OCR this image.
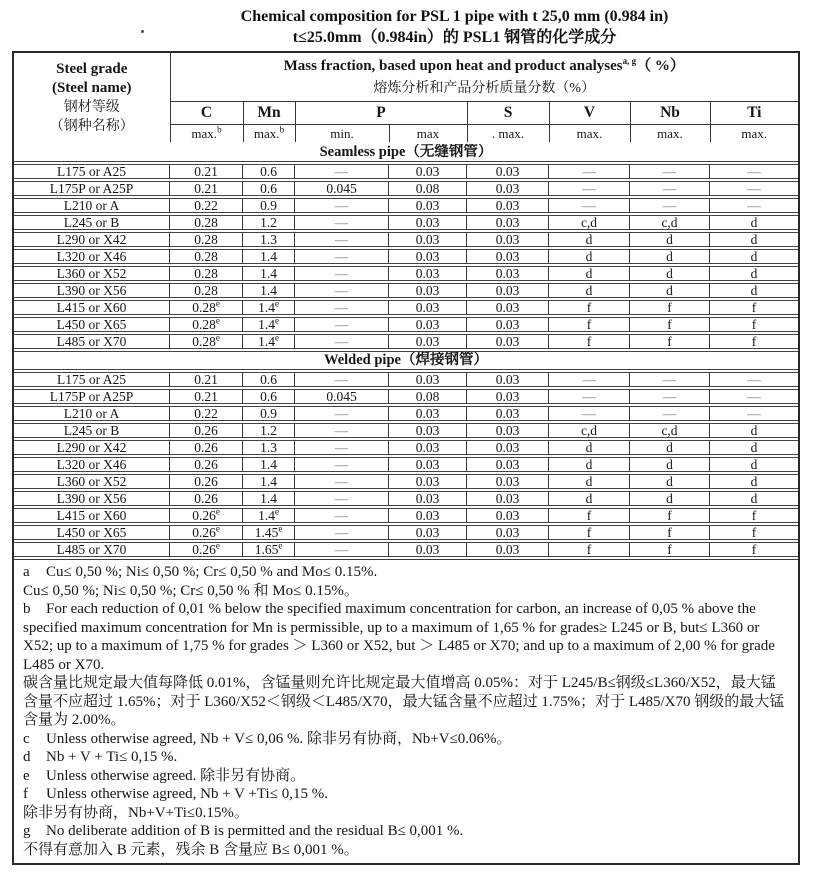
Chemical composition for PSL 1 pipe with t 25,0 mm (0.984 in)
t≤25.0mm（0.984in）的 PSL1 钢管的化学成分
Steel grade
(Steel name)
钢材等级
（钢种名称）

Mass fraction, based upon heat and product analyses$^{a, g}$（ %）
熔炼分析和产品分析质量分数（%）

	C	Mn	P		S	V	Nb	Ti
	max.$^b$	max.$^b$	min.	max	. max.	max.	max.	max.
Seamless pipe（无缝钢管）								
L175 or A25	0.21	0.6	—	0.03	0.03	—	—	—
L175P or A25P	0.21	0.6	0.045	0.08	0.03	—	—	—
L210 or A	0.22	0.9	—	0.03	0.03	—	—	—
L245 or B	0.28	1.2	—	0.03	0.03	c,d	c,d	d
L290 or X42	0.28	1.3	—	0.03	0.03	d	d	d
L320 or X46	0.28	1.4	—	0.03	0.03	d	d	d
L360 or X52	0.28	1.4	—	0.03	0.03	d	d	d
L390 or X56	0.28	1.4	—	0.03	0.03	d	d	d
L415 or X60	0.28e	1.4e	—	0.03	0.03	f	f	f
L450 or X65	0.28e	1.4e	—	0.03	0.03	f	f	f
L485 or X70	0.28e	1.4e	—	0.03	0.03	f	f	f
Welded pipe（焊接钢管）								
L175 or A25	0.21	0.6	—	0.03	0.03	—	—	—
L175P or A25P	0.21	0.6	0.045	0.08	0.03	—	—	—
L210 or A	0.22	0.9	—	0.03	0.03	—	—	—
L245 or B	0.26	1.2	—	0.03	0.03	c,d	c,d	d
L290 or X42	0.26	1.3	—	0.03	0.03	d	d	d
L320 or X46	0.26	1.4	—	0.03	0.03	d	d	d
L360 or X52	0.26	1.4	—	0.03	0.03	d	d	d
L390 or X56	0.26	1.4	—	0.03	0.03	d	d	d
L415 or X60	0.26e	1.4e	—	0.03	0.03	f	f	f
L450 or X65	0.26e	1.45e	—	0.03	0.03	f	f	f
L485 or X70	0.26e	1.65e	—	0.03	0.03	f	f	f

a Cu≤ 0,50 %; Ni≤ 0,50 %; Cr≤ 0,50 % and Mo≤ 0.15%.

Cu≤ 0,50 %; Ni≤ 0,50 %; Cr≤ 0,50 % 和 Mo≤ 0.15%。

b For each reduction of 0,01 % below the specified maximum concentration for carbon, an increase of 0,05 % above the specified maximum concentration for Mn is permissible, up to a maximum of 1,65 % for grades≥ L245 or B, but≤ L360 or X52; up to a maximum of 1,75 % for grades ＞ L360 or X52, but ＞ L485 or X70; and up to a maximum of 2,00 % for grade L485 or X70.

碳含量比规定最大值每降低 0.01%，含锰量则允许比规定最大值增高 0.05%：对于 L245/B≤钢级≤L360/X52，最大锰含量不应超过 1.65%；对于 L360/X52＜钢级＜L485/X70，最大锰含量不应超过 1.75%；对于 L485/X70 钢级的最大锰含量为 2.00%。

c Unless otherwise agreed, Nb + V≤ 0,06 %. 除非另有协商，Nb+V≤0.06%。

d Nb + V + Ti≤ 0,15 %.

e Unless otherwise agreed. 除非另有协商。

f Unless otherwise agreed, Nb + V +Ti≤ 0,15 %.

除非另有协商，Nb+V+Ti≤0.15%。

g No deliberate addition of B is permitted and the residual B≤ 0,001 %.

不得有意加入 B 元素，残余 B 含量应 B≤ 0,001 %。
